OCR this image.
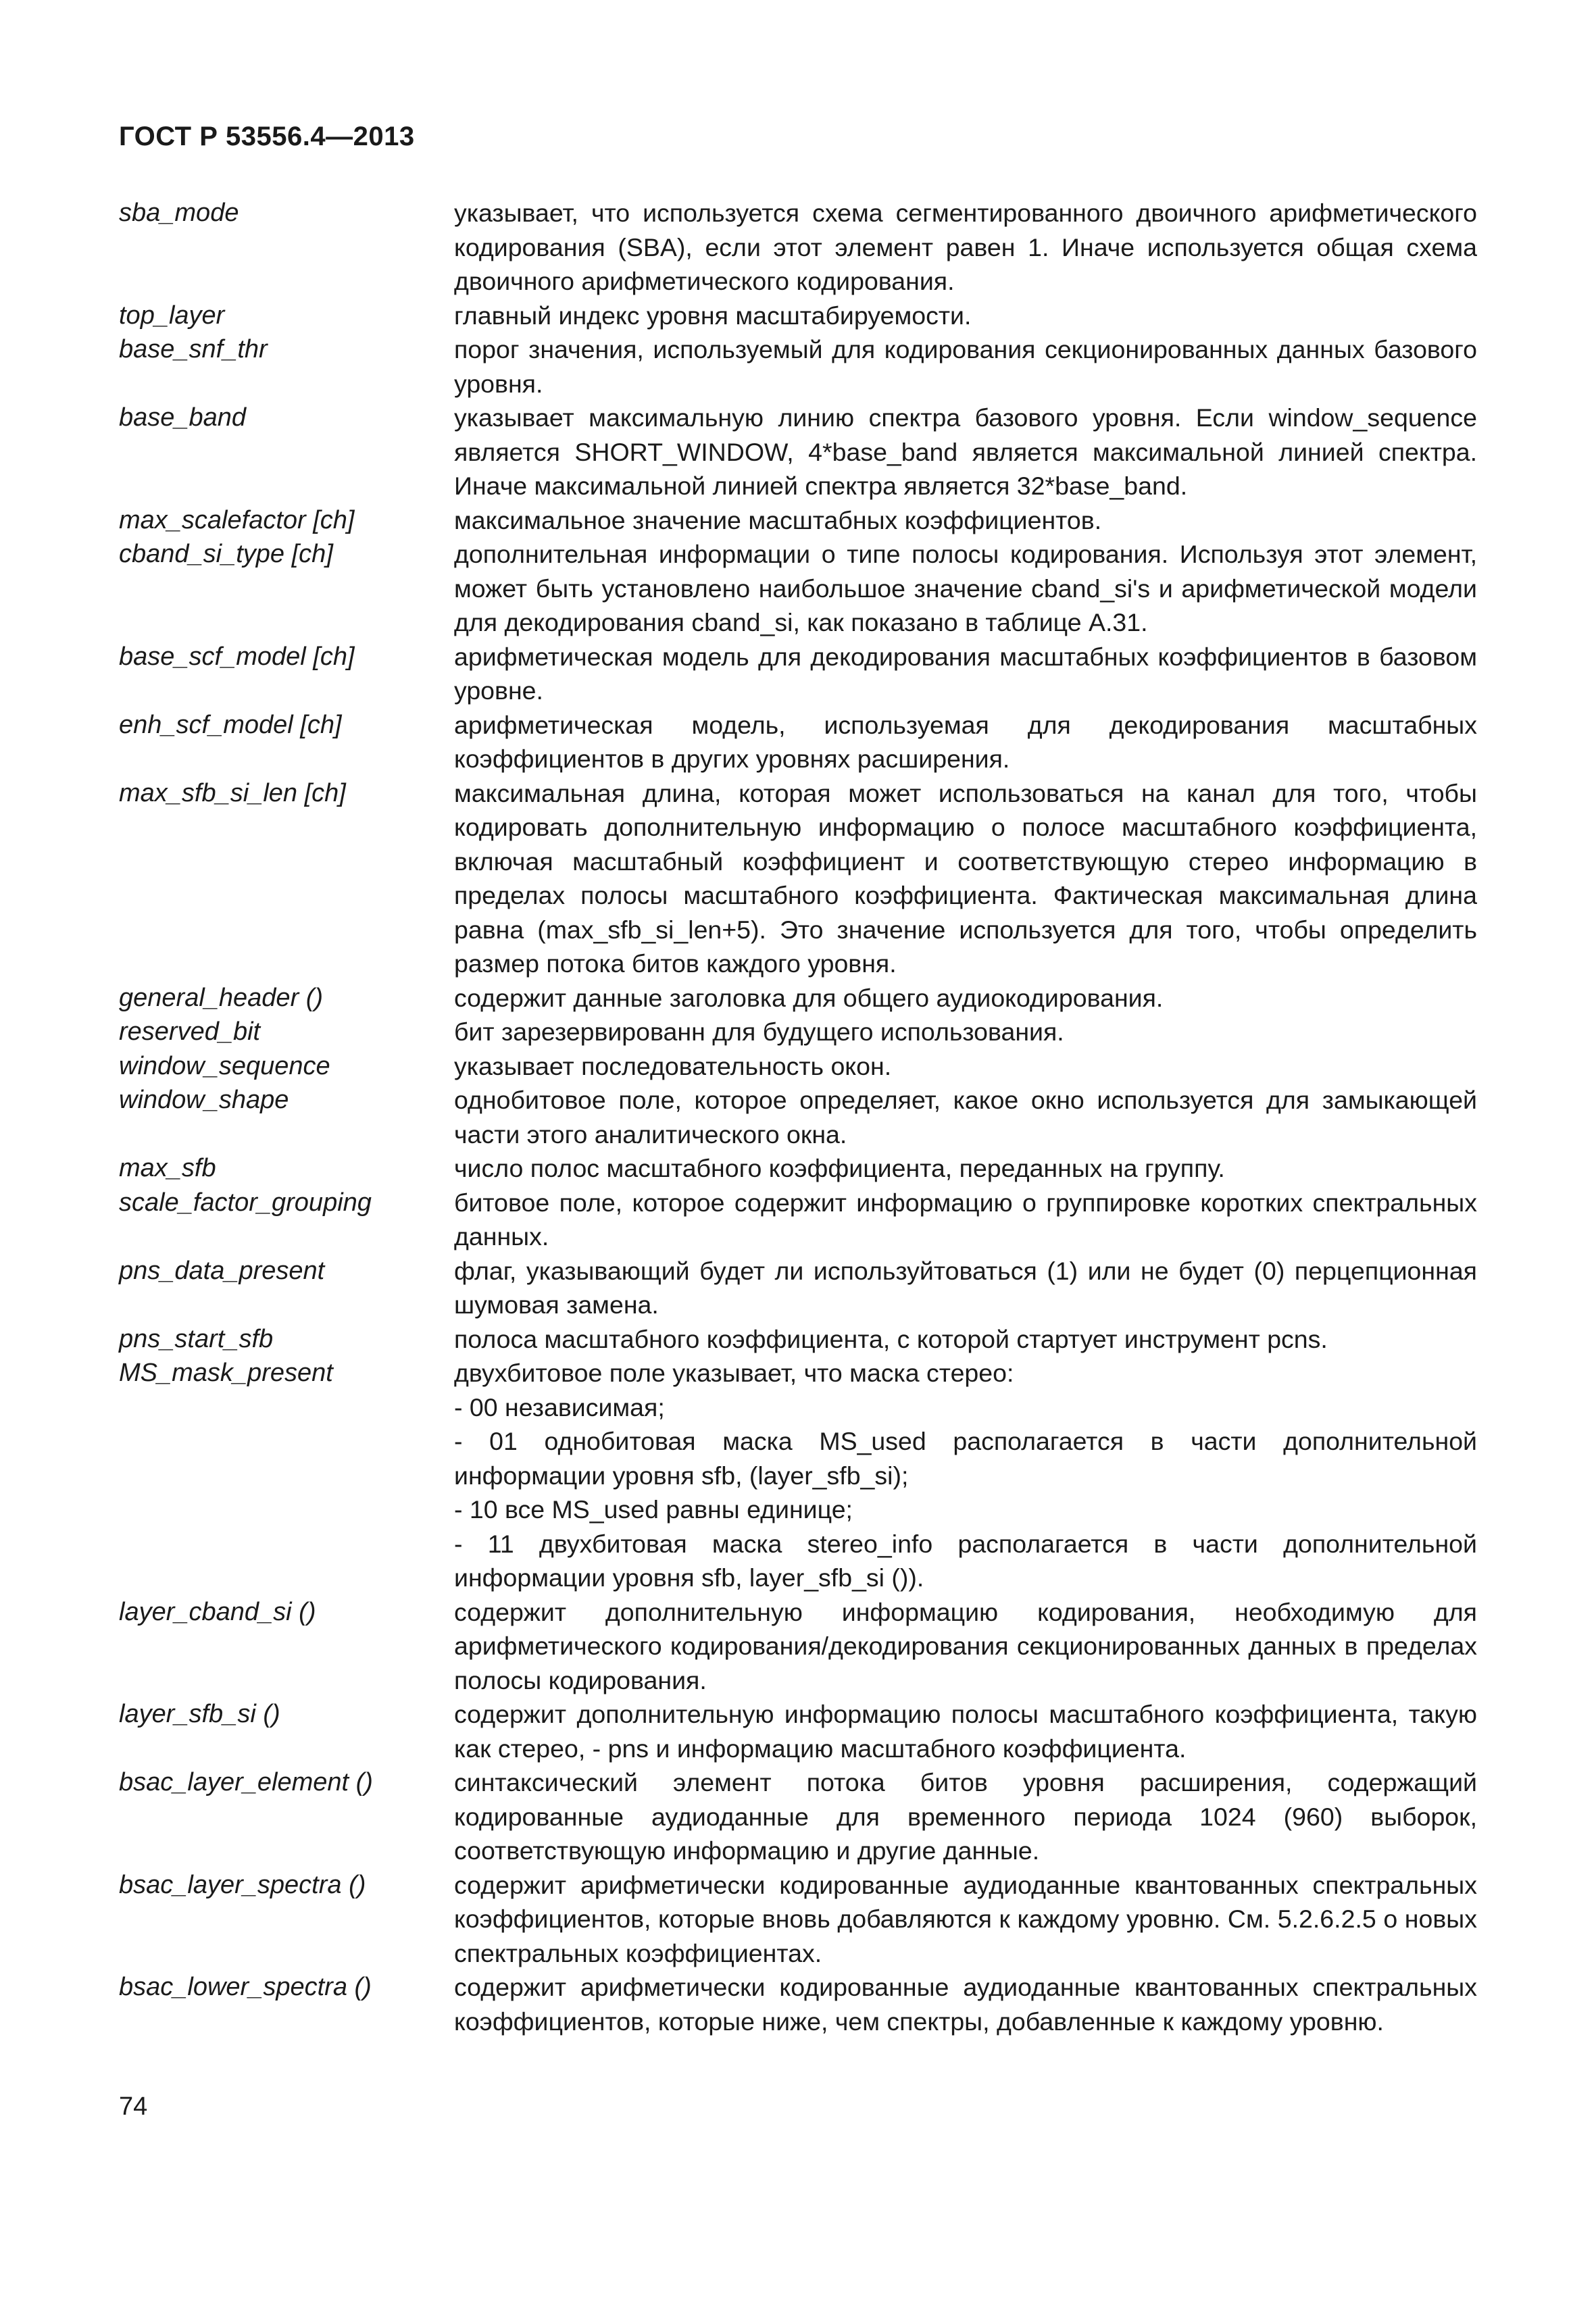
ГОСТ Р 53556.4—2013
sba_mode	указывает, что используется схема сегментированного двоичного арифметического кодирования (SBA), если этот элемент равен 1. Иначе используется общая схема двоичного арифметического кодирования.
top_layer	главный индекс уровня масштабируемости.
base_snf_thr	порог значения, используемый для кодирования секционированных данных базового уровня.
base_band	указывает максимальную линию спектра базового уровня. Если window_sequence является SHORT_WINDOW, 4*base_band является максимальной линией спектра. Иначе максимальной линией спектра является 32*base_band.
max_scalefactor [ch]	максимальное значение масштабных коэффициентов.
cband_si_type [ch]	дополнительная информации о типе полосы кодирования. Используя этот элемент, может быть установлено наибольшое значение cband_si's и арифметической модели для декодирования cband_si, как показано в таблице А.31.
base_scf_model [ch]	арифметическая модель для декодирования масштабных коэффициентов в базовом уровне.
enh_scf_model [ch]	арифметическая модель, используемая для декодирования масштабных коэффициентов в других уровнях расширения.
max_sfb_si_len [ch]	максимальная длина, которая может использоваться на канал для того, чтобы кодировать дополнительную информацию о полосе масштабного коэффициента, включая масштабный коэффициент и соответствующую стерео информацию в пределах полосы масштабного коэффициента. Фактическая максимальная длина равна (max_sfb_si_len+5). Это значение используется для того, чтобы определить размер потока битов каждого уровня.
general_header ()	содержит данные заголовка для общего аудиокодирования.
reserved_bit	бит зарезервированн для будущего использования.
window_sequence	указывает последовательность окон.
window_shape	однобитовое поле, которое определяет, какое окно используется для замыкающей части этого аналитического окна.
max_sfb	число полос масштабного коэффициента, переданных на группу.
scale_factor_grouping	битовое поле, которое содержит информацию о группировке коротких спектральных данных.
pns_data_present	флаг, указывающий будет ли используйтоваться (1) или не будет (0) перцепционная шумовая замена.
pns_start_sfb	полоса масштабного коэффициента, с которой стартует инструмент pcns.
MS_mask_present	двухбитовое поле указывает, что маска стерео:
- 00 независимая;
- 01 однобитовая маска MS_used располагается в части дополнительной информации уровня sfb, (layer_sfb_si);
- 10 все MS_used равны единице;
- 11 двухбитовая маска stereo_info располагается в части дополнительной информации уровня sfb, layer_sfb_si ()).
layer_cband_si ()	содержит дополнительную информацию кодирования, необходимую для арифметического кодирования/декодирования секционированных данных в пределах полосы кодирования.
layer_sfb_si ()	содержит дополнительную информацию полосы масштабного коэффициента, такую как стерео, - pns и информацию масштабного коэффициента.
bsac_layer_element ()	синтаксический элемент потока битов уровня расширения, содержащий кодированные аудиоданные для временного периода 1024 (960) выборок, соответствующую информацию и другие данные.
bsac_layer_spectra ()	содержит арифметически кодированные аудиоданные квантованных спектральных коэффициентов, которые вновь добавляются к каждому уровню. См. 5.2.6.2.5 о новых спектральных коэффициентах.
bsac_lower_spectra ()	содержит арифметически кодированные аудиоданные квантованных спектральных коэффициентов, которые ниже, чем спектры, добавленные к каждому уровню.
74
